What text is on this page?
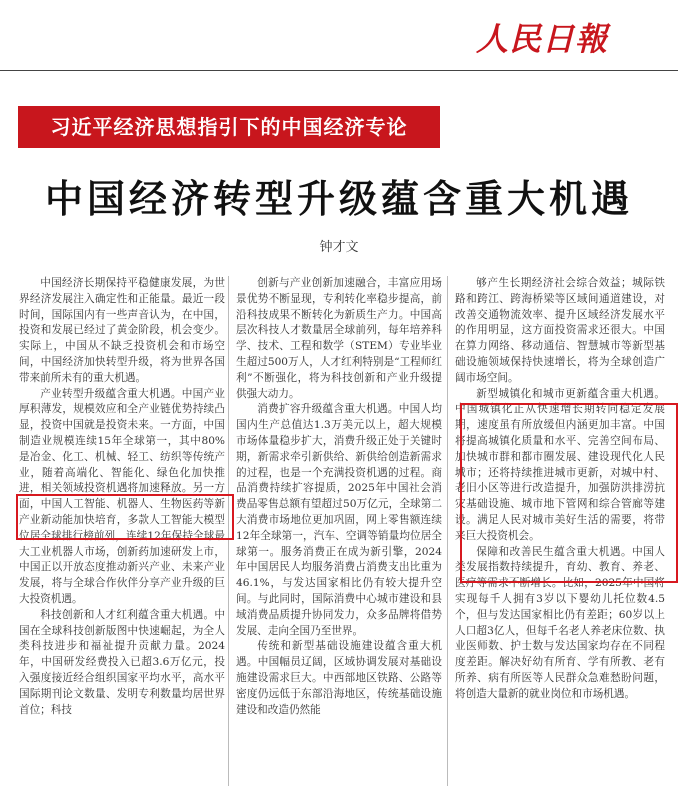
人民日報
习近平经济思想指引下的中国经济专论
中国经济转型升级蕴含重大机遇
钟才文

中国经济长期保持平稳健康发展，为世界经济发展注入确定性和正能量。最近一段时间，国际国内有一些声音认为，在中国，投资和发展已经过了黄金阶段，机会变少。实际上，中国从不缺乏投资机会和市场空间，中国经济加快转型升级，将为世界各国带来前所未有的重大机遇。

产业转型升级蕴含重大机遇。中国产业厚积薄发，规模效应和全产业链优势持续凸显，投资中国就是投资未来。一方面，中国制造业规模连续15年全球第一，其中80%是冶金、化工、机械、轻工、纺织等传统产业，随着高端化、智能化、绿色化加快推进，相关领域投资机遇将加速释放。另一方面，中国人工智能、机器人、生物医药等新产业新动能加快培育，多款人工智能大模型位居全球排行榜前列，连续12年保持全球最大工业机器人市场，创新药加速研发上市，中国正以开放态度推动新兴产业、未来产业发展，将与全球合作伙伴分享产业升级的巨大投资机遇。

科技创新和人才红利蕴含重大机遇。中国在全球科技创新版图中快速崛起，为全人类科技进步和福祉提升贡献力量。2024年，中国研发经费投入已超3.6万亿元，投入强度接近经合组织国家平均水平，高水平国际期刊论文数量、发明专利数量均居世界首位；科技

创新与产业创新加速融合，丰富应用场景优势不断显现，专利转化率稳步提高，前沿科技成果不断转化为新质生产力。中国高层次科技人才数量居全球前列，每年培养科学、技术、工程和数学（STEM）专业毕业生超过500万人，人才红利特别是“工程师红利”不断强化，将为科技创新和产业升级提供强大动力。

消费扩容升级蕴含重大机遇。中国人均国内生产总值达1.3万美元以上，超大规模市场体量稳步扩大，消费升级正处于关键时期，新需求牵引新供给、新供给创造新需求的过程，也是一个充满投资机遇的过程。商品消费持续扩容提质，2025年中国社会消费品零售总额有望超过50万亿元，全球第二大消费市场地位更加巩固，网上零售额连续12年全球第一，汽车、空调等销量均位居全球第一。服务消费正在成为新引擎，2024年中国居民人均服务消费占消费支出比重为46.1%，与发达国家相比仍有较大提升空间。与此同时，国际消费中心城市建设和县域消费品质提升协同发力，众多品牌将借势发展、走向全国乃至世界。

传统和新型基础设施建设蕴含重大机遇。中国幅员辽阔，区域协调发展对基础设施建设需求巨大。中西部地区铁路、公路等密度仍远低于东部沿海地区，传统基础设施建设和改造仍然能

够产生长期经济社会综合效益；城际铁路和跨江、跨海桥梁等区域间通道建设，对改善交通物流效率、提升区域经济发展水平的作用明显，这方面投资需求还很大。中国在算力网络、移动通信、智慧城市等新型基础设施领域保持快速增长，将为全球创造广阔市场空间。

新型城镇化和城市更新蕴含重大机遇。中国城镇化正从快速增长期转向稳定发展期，速度虽有所放缓但内涵更加丰富。中国将提高城镇化质量和水平、完善空间布局、加快城市群和都市圈发展、建设现代化人民城市；还将持续推进城市更新，对城中村、老旧小区等进行改造提升，加强防洪排涝抗灾基础设施、城市地下管网和综合管廊等建设。满足人民对城市美好生活的需要，将带来巨大投资机会。

保障和改善民生蕴含重大机遇。中国人类发展指数持续提升，育幼、教育、养老、医疗等需求不断增长。比如，2025年中国将实现每千人拥有3岁以下婴幼儿托位数4.5个，但与发达国家相比仍有差距；60岁以上人口超3亿人，但每千名老人养老床位数、执业医师数、护士数与发达国家均存在不同程度差距。解决好幼有所育、学有所教、老有所养、病有所医等人民群众急难愁盼问题，将创造大量新的就业岗位和市场机遇。
